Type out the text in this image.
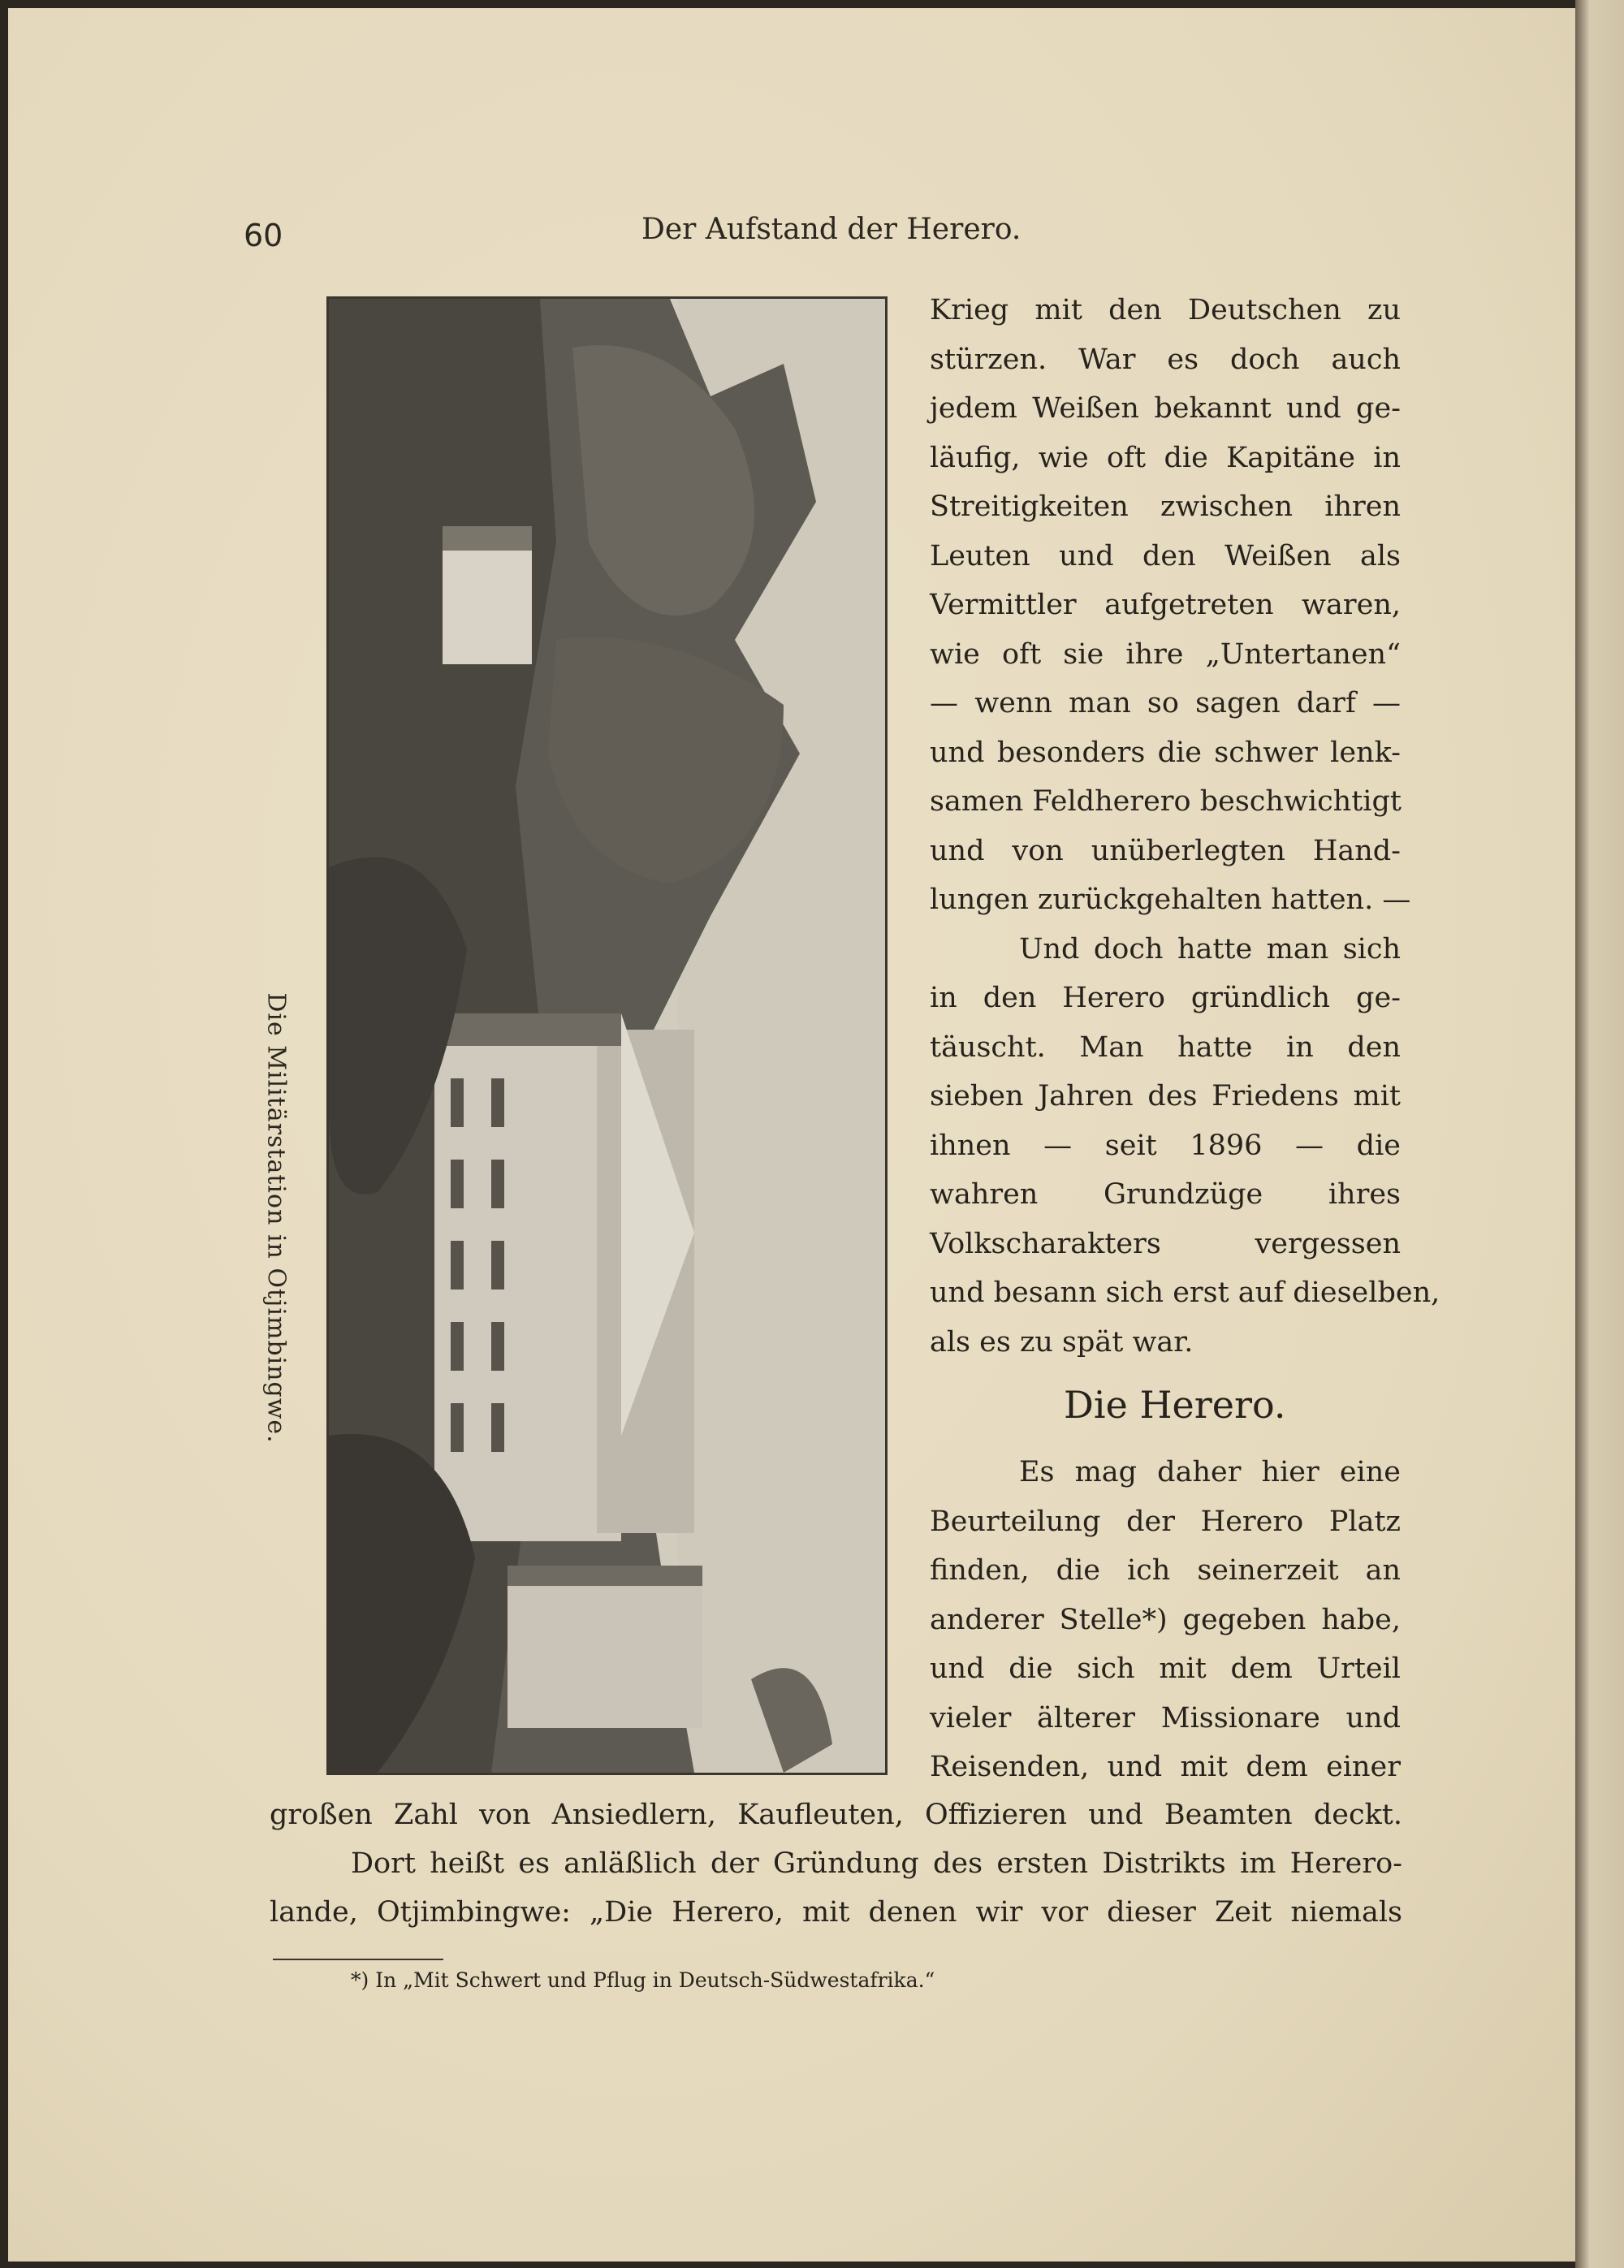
60	Der Aufstand der Herero.
Die Militärstation in Otjimbingwe.
Krieg mit den Deutschen zu
stürzen. War es doch auch
jedem Weißen bekannt und ge-
läufig, wie oft die Kapitäne in
Streitigkeiten zwischen ihren
Leuten und den Weißen als
Vermittler aufgetreten waren,
wie oft sie ihre „Untertanen“
— wenn man so sagen darf —
und besonders die schwer lenk-
samen Feldherero beschwichtigt
und von unüberlegten Hand-
lungen zurückgehalten hatten. —
Und doch hatte man sich
in den Herero gründlich ge-
täuscht. Man hatte in den
sieben Jahren des Friedens mit
ihnen — seit 1896 — die
wahren Grundzüge ihres
Volkscharakters vergessen
und besann sich erst auf dieselben,
als es zu spät war.
Die Herero.
Es mag daher hier eine
Beurteilung der Herero Platz
finden, die ich seinerzeit an
anderer Stelle*) gegeben habe,
und die sich mit dem Urteil
vieler älterer Missionare und
Reisenden, und mit dem einer
großen Zahl von Ansiedlern, Kaufleuten, Offizieren und Beamten deckt.
Dort heißt es anläßlich der Gründung des ersten Distrikts im Herero-
lande, Otjimbingwe: „Die Herero, mit denen wir vor dieser Zeit niemals
*) In „Mit Schwert und Pflug in Deutsch-Südwestafrika.“
